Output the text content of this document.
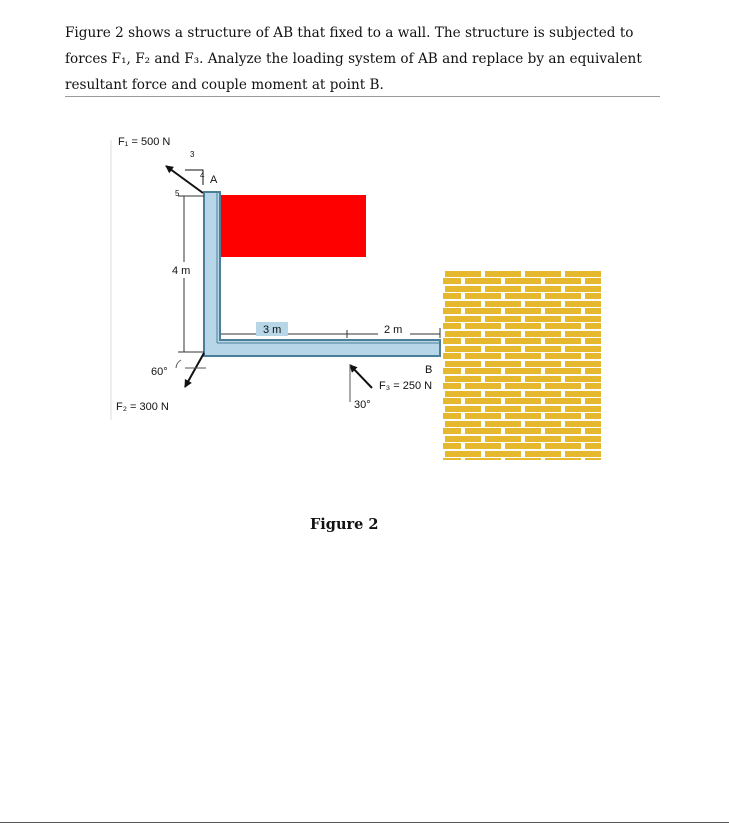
Figure 2 shows a structure of AB that fixed to a wall. The structure is subjected to

forces F₁, F₂ and F₃. Analyze the loading system of AB and replace by an equivalent

resultant force and couple moment at point B.

4 m
3 m	2 m
3
4
5
F₁ = 500 N
A
60°
F₂ = 300 N	30°
F₃ = 250 N
B
Figure 2
